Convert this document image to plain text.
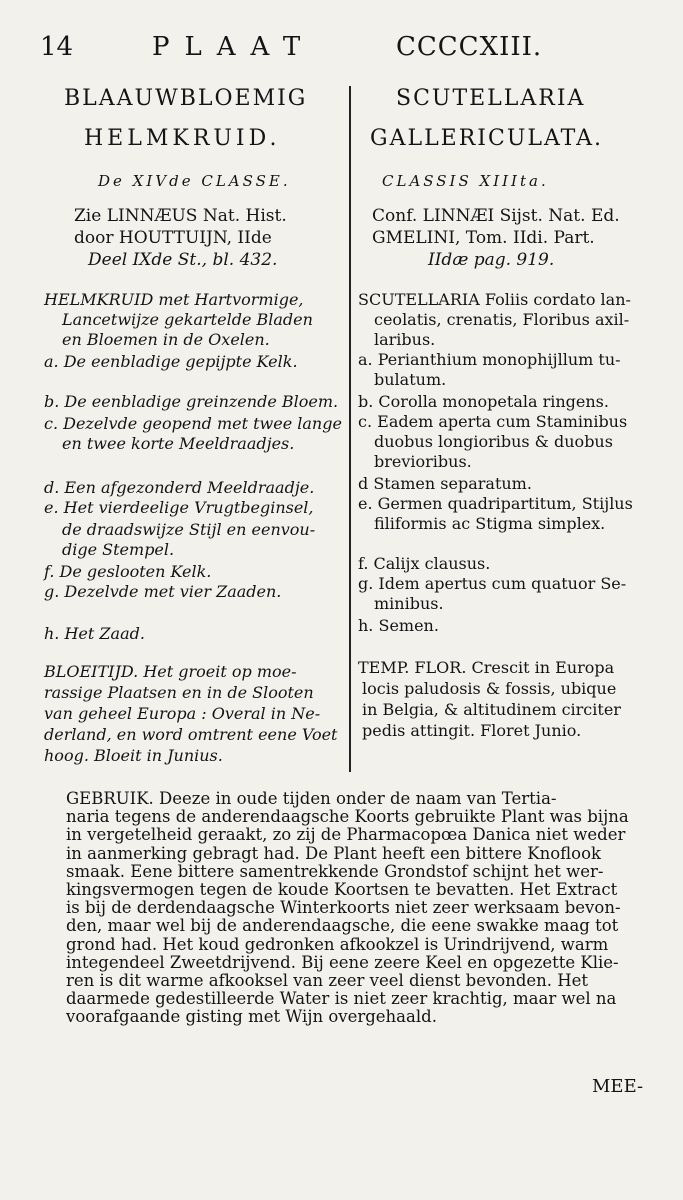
14	PLAAT	CCCCXIII.
BLAAUWBLOEMIG
HELMKRUID.
De XIVde CLASSE.
Zie LINNÆUS Nat. Hist.
door HOUTTUIJN, IIde
Deel IXde St., bl. 432.
HELMKRUID met Hartvormige,
Lancetwijze gekartelde Bladen
en Bloemen in de Oxelen.
a. De eenbladige gepijpte Kelk.
b. De eenbladige greinzende Bloem.
c. Dezelvde geopend met twee lange
en twee korte Meeldraadjes.
d. Een afgezonderd Meeldraadje.
e. Het vierdeelige Vrugtbeginsel,
de draadswijze Stijl en eenvou-
dige Stempel.
f. De geslooten Kelk.
g. Dezelvde met vier Zaaden.
h. Het Zaad.
BLOEITIJD. Het groeit op moe-
rassige Plaatsen en in de Slooten
van geheel Europa : Overal in Ne-
derland, en word omtrent eene Voet
hoog. Bloeit in Junius.
SCUTELLARIA
GALLERICULATA.
CLASSIS XIIIta.
Conf. LINNÆI Sijst. Nat. Ed.
GMELINI, Tom. IIdi. Part.
IIdæ pag. 919.
SCUTELLARIA Foliis cordato lan-
ceolatis, crenatis, Floribus axil-
laribus.
a. Perianthium monophijllum tu-
bulatum.
b. Corolla monopetala ringens.
c. Eadem aperta cum Staminibus
duobus longioribus & duobus
brevioribus.
d Stamen separatum.
e. Germen quadripartitum, Stijlus
filiformis ac Stigma simplex.
f. Calijx clausus.
g. Idem apertus cum quatuor Se-
minibus.
h. Semen.
TEMP. FLOR. Crescit in Europa
locis paludosis & fossis, ubique
in Belgia, & altitudinem circiter
pedis attingit. Floret Junio.

GEBRUIK. Deeze in oude tijden onder de naam van Tertia-

naria tegens de anderendaagsche Koorts gebruikte Plant was bijna

in vergetelheid geraakt, zo zij de Pharmacopœa Danica niet weder

in aanmerking gebragt had. De Plant heeft een bittere Knoflook

smaak. Eene bittere samentrekkende Grondstof schijnt het wer-

kingsvermogen tegen de koude Koortsen te bevatten. Het Extract

is bij de derdendaagsche Winterkoorts niet zeer werksaam bevon-

den, maar wel bij de anderendaagsche, die eene swakke maag tot

grond had. Het koud gedronken afkookzel is Urindrijvend, warm

integendeel Zweetdrijvend. Bij eene zeere Keel en opgezette Klie-

ren is dit warme afkooksel van zeer veel dienst bevonden. Het

daarmede gedestilleerde Water is niet zeer krachtig, maar wel na

voorafgaande gisting met Wijn overgehaald.

MEE-
